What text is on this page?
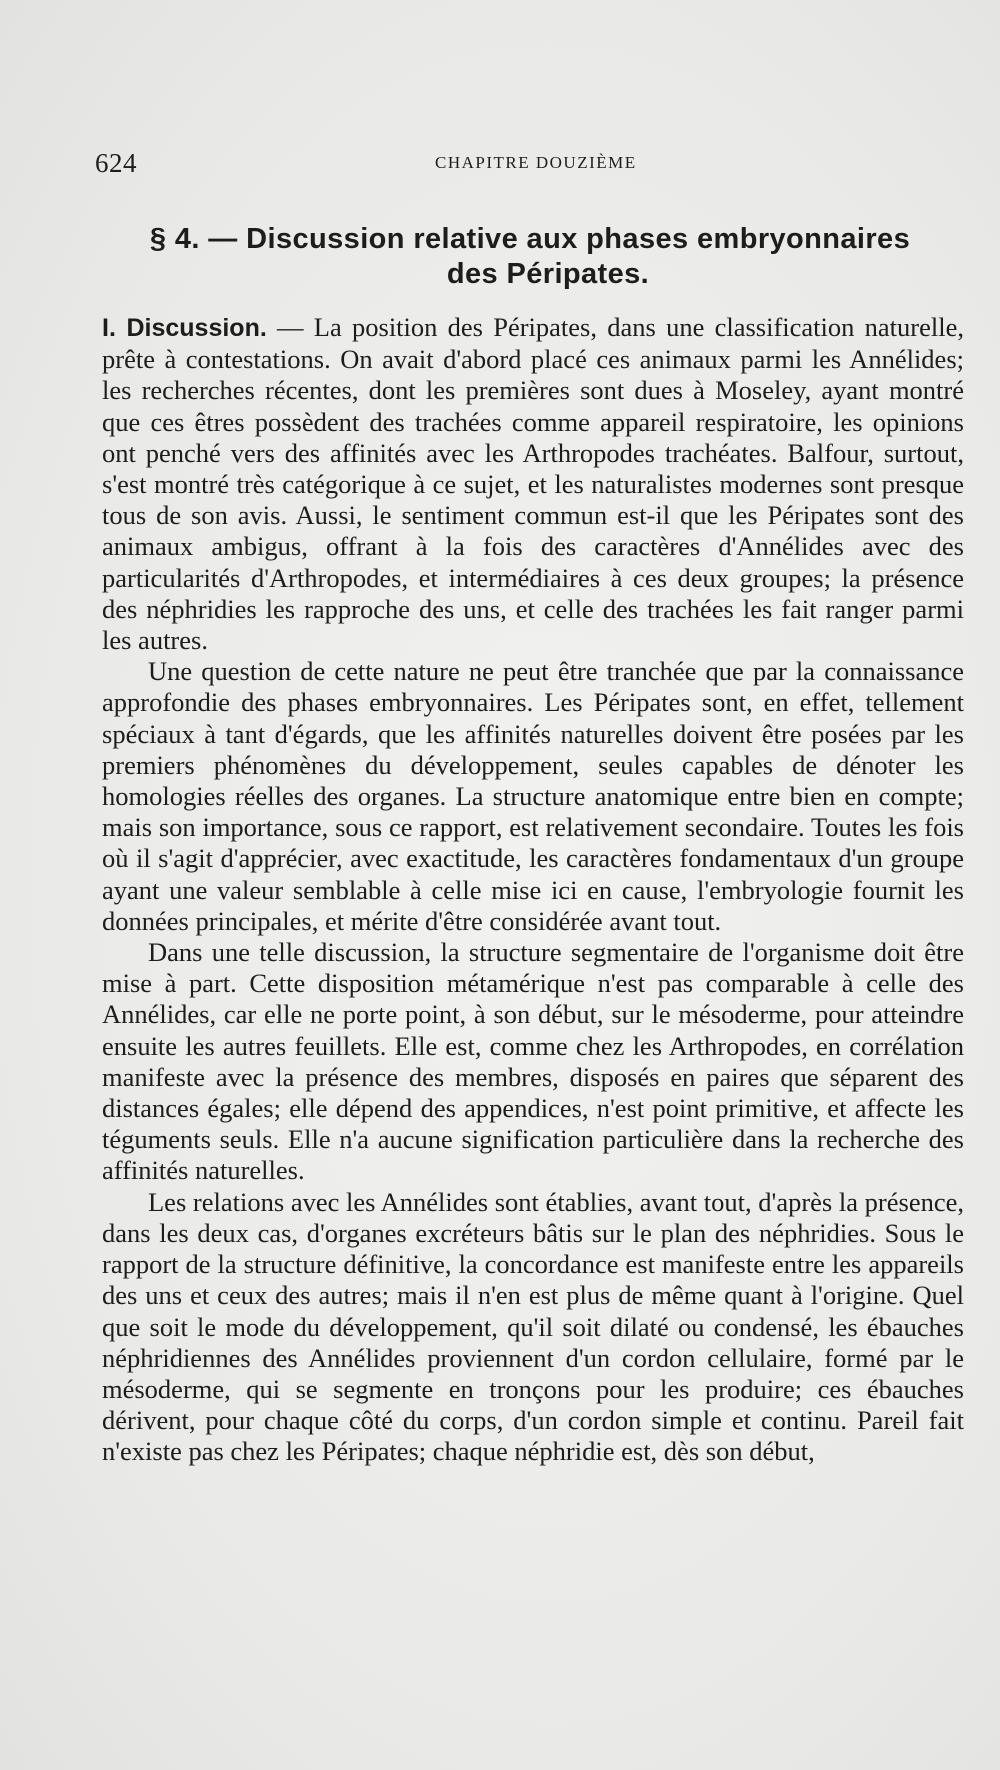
624	CHAPITRE DOUZIÈME
§ 4. — Discussion relative aux phases embryonnaires
des Péripates.

I. Discussion. — La position des Péripates, dans une classification naturelle, prête à contestations. On avait d'abord placé ces animaux parmi les Annélides; les recherches récentes, dont les premières sont dues à Moseley, ayant montré que ces êtres possèdent des trachées comme appareil respiratoire, les opinions ont penché vers des affinités avec les Arthropodes trachéates. Balfour, surtout, s'est montré très catégorique à ce sujet, et les naturalistes modernes sont presque tous de son avis. Aussi, le sentiment commun est-il que les Péripates sont des animaux ambigus, offrant à la fois des caractères d'Annélides avec des particularités d'Arthropodes, et intermédiaires à ces deux groupes; la présence des néphridies les rapproche des uns, et celle des trachées les fait ranger parmi les autres.

Une question de cette nature ne peut être tranchée que par la connaissance approfondie des phases embryonnaires. Les Péripates sont, en effet, tellement spéciaux à tant d'égards, que les affinités naturelles doivent être posées par les premiers phénomènes du développement, seules capables de dénoter les homologies réelles des organes. La structure anatomique entre bien en compte; mais son importance, sous ce rapport, est relativement secondaire. Toutes les fois où il s'agit d'apprécier, avec exactitude, les caractères fondamentaux d'un groupe ayant une valeur semblable à celle mise ici en cause, l'embryologie fournit les données principales, et mérite d'être considérée avant tout.

Dans une telle discussion, la structure segmentaire de l'organisme doit être mise à part. Cette disposition métamérique n'est pas comparable à celle des Annélides, car elle ne porte point, à son début, sur le mésoderme, pour atteindre ensuite les autres feuillets. Elle est, comme chez les Arthropodes, en corrélation manifeste avec la présence des membres, disposés en paires que séparent des distances égales; elle dépend des appendices, n'est point primitive, et affecte les téguments seuls. Elle n'a aucune signification particulière dans la recherche des affinités naturelles.

Les relations avec les Annélides sont établies, avant tout, d'après la présence, dans les deux cas, d'organes excréteurs bâtis sur le plan des néphridies. Sous le rapport de la structure définitive, la concordance est manifeste entre les appareils des uns et ceux des autres; mais il n'en est plus de même quant à l'origine. Quel que soit le mode du développement, qu'il soit dilaté ou condensé, les ébauches néphridiennes des Annélides proviennent d'un cordon cellulaire, formé par le mésoderme, qui se segmente en tronçons pour les produire; ces ébauches dérivent, pour chaque côté du corps, d'un cordon simple et continu. Pareil fait n'existe pas chez les Péripates; chaque néphridie est, dès son début,
